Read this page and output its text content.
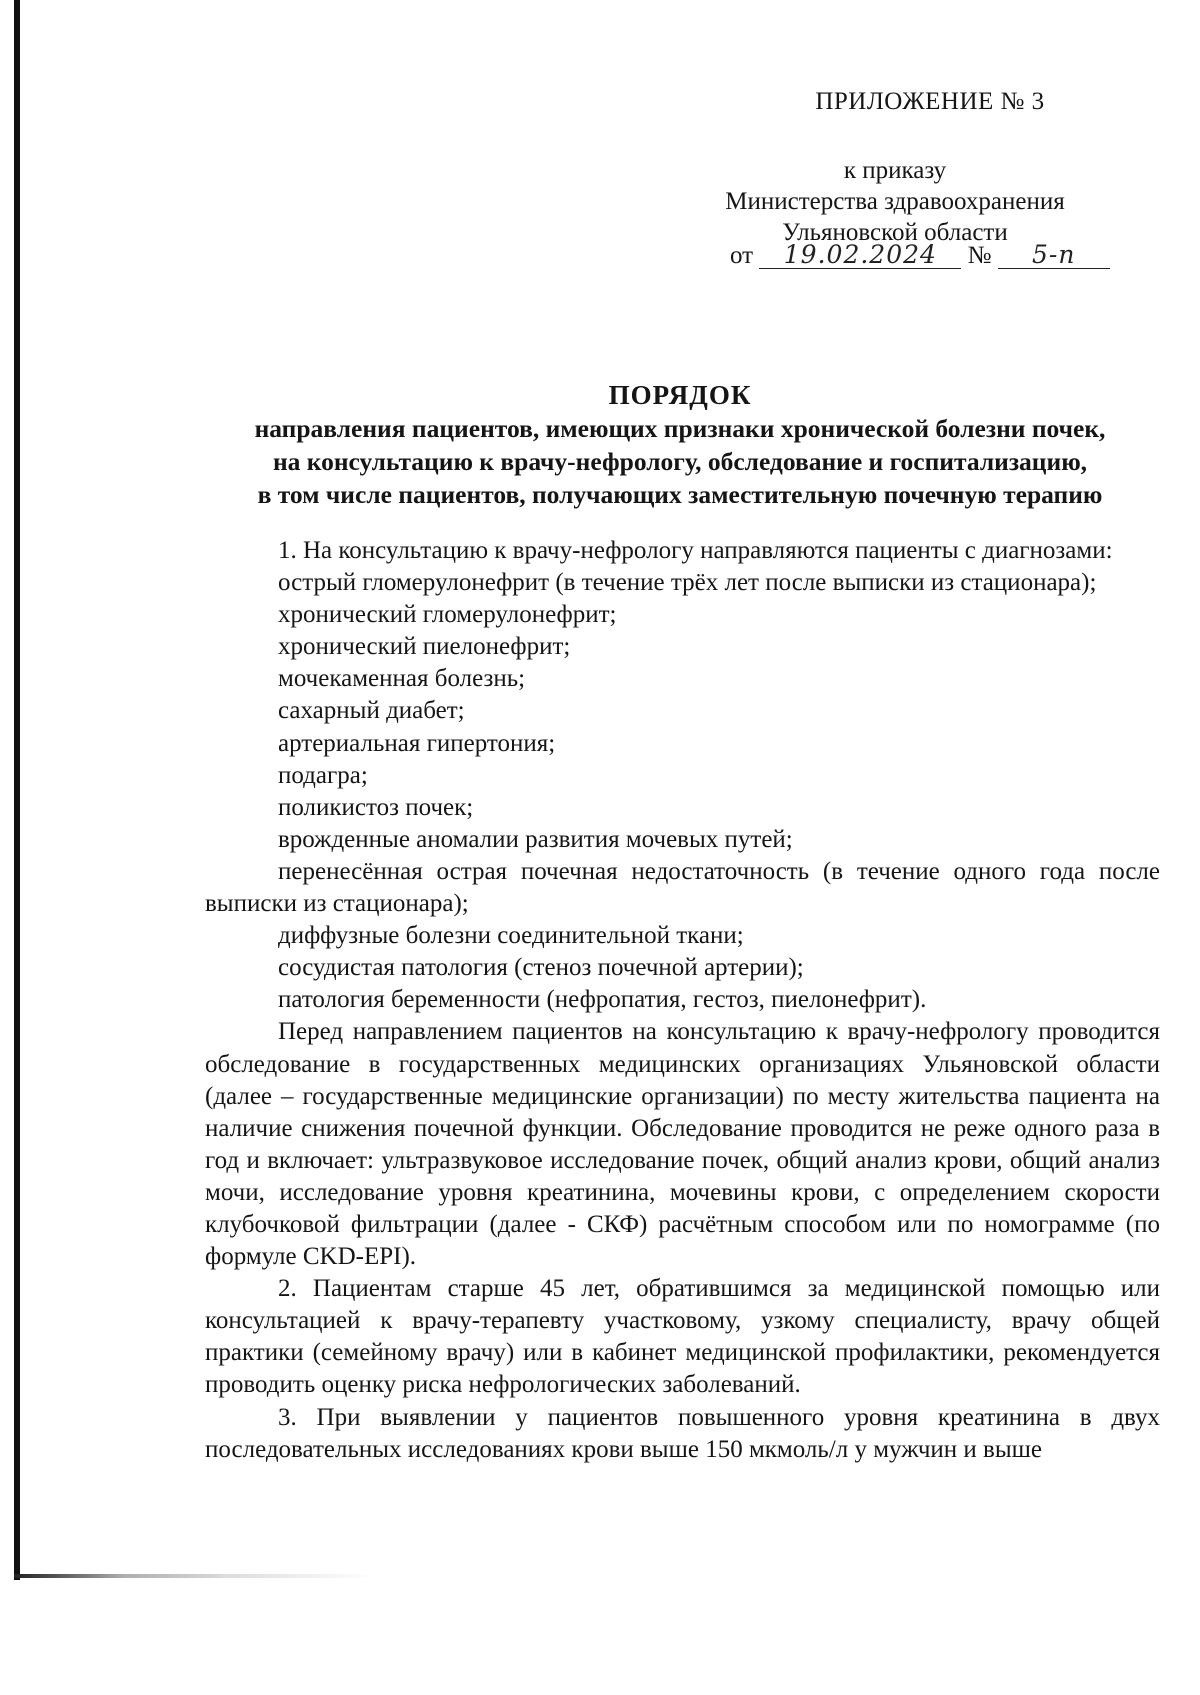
ПРИЛОЖЕНИЕ № 3
к приказу
Министерства здравоохранения
Ульяновской области
от 19.02.2024 № 5-п
ПОРЯДОК
направления пациентов, имеющих признаки хронической болезни почек,
на консультацию к врачу-нефрологу, обследование и госпитализацию,
в том числе пациентов, получающих заместительную почечную терапию

1. На консультацию к врачу-нефрологу направляются пациенты с диагнозами:

острый гломерулонефрит (в течение трёх лет после выписки из стационара);

хронический гломерулонефрит;

хронический пиелонефрит;

мочекаменная болезнь;

сахарный диабет;

артериальная гипертония;

подагра;

поликистоз почек;

врожденные аномалии развития мочевых путей;

перенесённая острая почечная недостаточность (в течение одного года после выписки из стационара);

диффузные болезни соединительной ткани;

сосудистая патология (стеноз почечной артерии);

патология беременности (нефропатия, гестоз, пиелонефрит).

Перед направлением пациентов на консультацию к врачу-нефрологу проводится обследование в государственных медицинских организациях Ульяновской области (далее – государственные медицинские организации) по месту жительства пациента на наличие снижения почечной функции. Обследование проводится не реже одного раза в год и включает: ультразвуковое исследование почек, общий анализ крови, общий анализ мочи, исследование уровня креатинина, мочевины крови, с определением скорости клубочковой фильтрации (далее - СКФ) расчётным способом или по номограмме (по формуле CKD-EPI).

2. Пациентам старше 45 лет, обратившимся за медицинской помощью или консультацией к врачу-терапевту участковому, узкому специалисту, врачу общей практики (семейному врачу) или в кабинет медицинской профилактики, рекомендуется проводить оценку риска нефрологических заболеваний.

3. При выявлении у пациентов повышенного уровня креатинина в двух последовательных исследованиях крови выше 150 мкмоль/л у мужчин и выше
